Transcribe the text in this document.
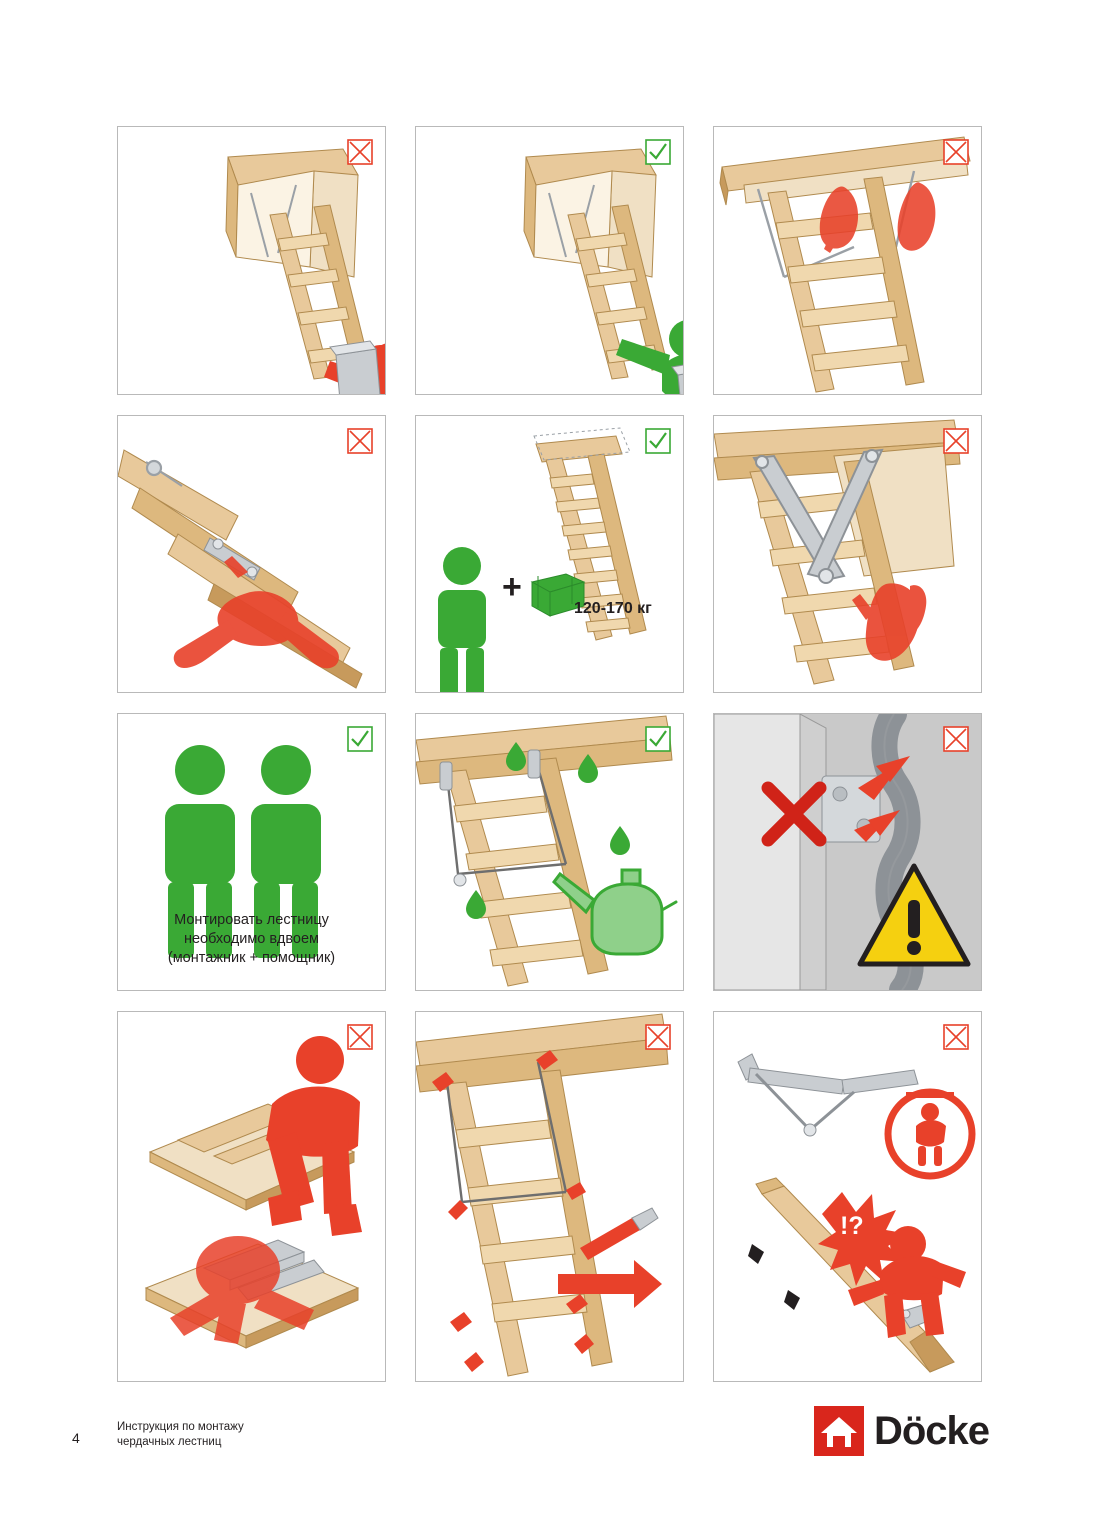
+
120-170 кг
Монтировать лестницу
необходимо вдвоем
(монтажник + помощник)
!?
4
Инструкция по монтажу
чердачных лестниц	Döcke
